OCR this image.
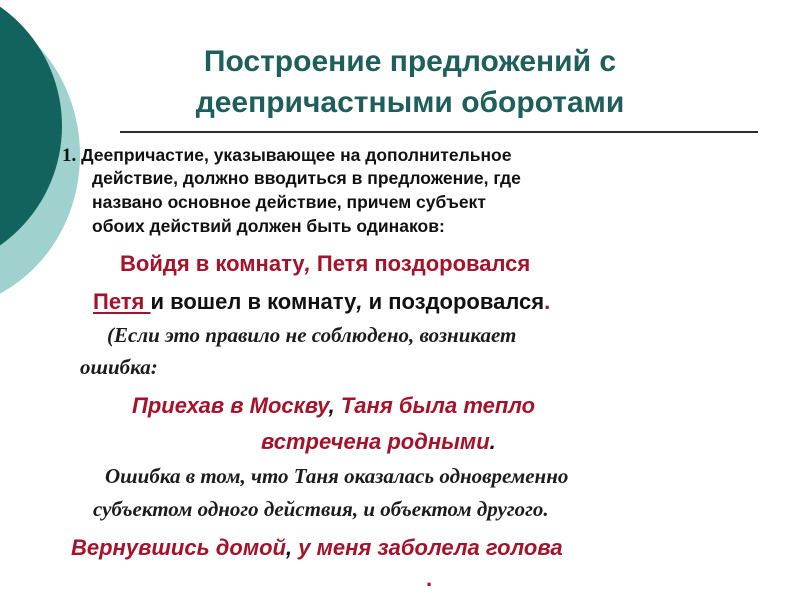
Построение предложений с
деепричастными оборотами
1. Деепричастие, указывающее на дополнительное
действие, должно вводиться в предложение, где
названо основное действие, причем субъект
обоих действий должен быть одинаков:
Войдя в комнату, Петя поздоровался
Петя и вошел в комнату, и поздоровался.
(Если это правило не соблюдено, возникает
ошибка:
Приехав в Москву, Таня была тепло
встречена родными.
Ошибка в том, что Таня оказалась одновременно
субъектом одного действия, и объектом другого.
Вернувшись домой, у меня заболела голова
.
